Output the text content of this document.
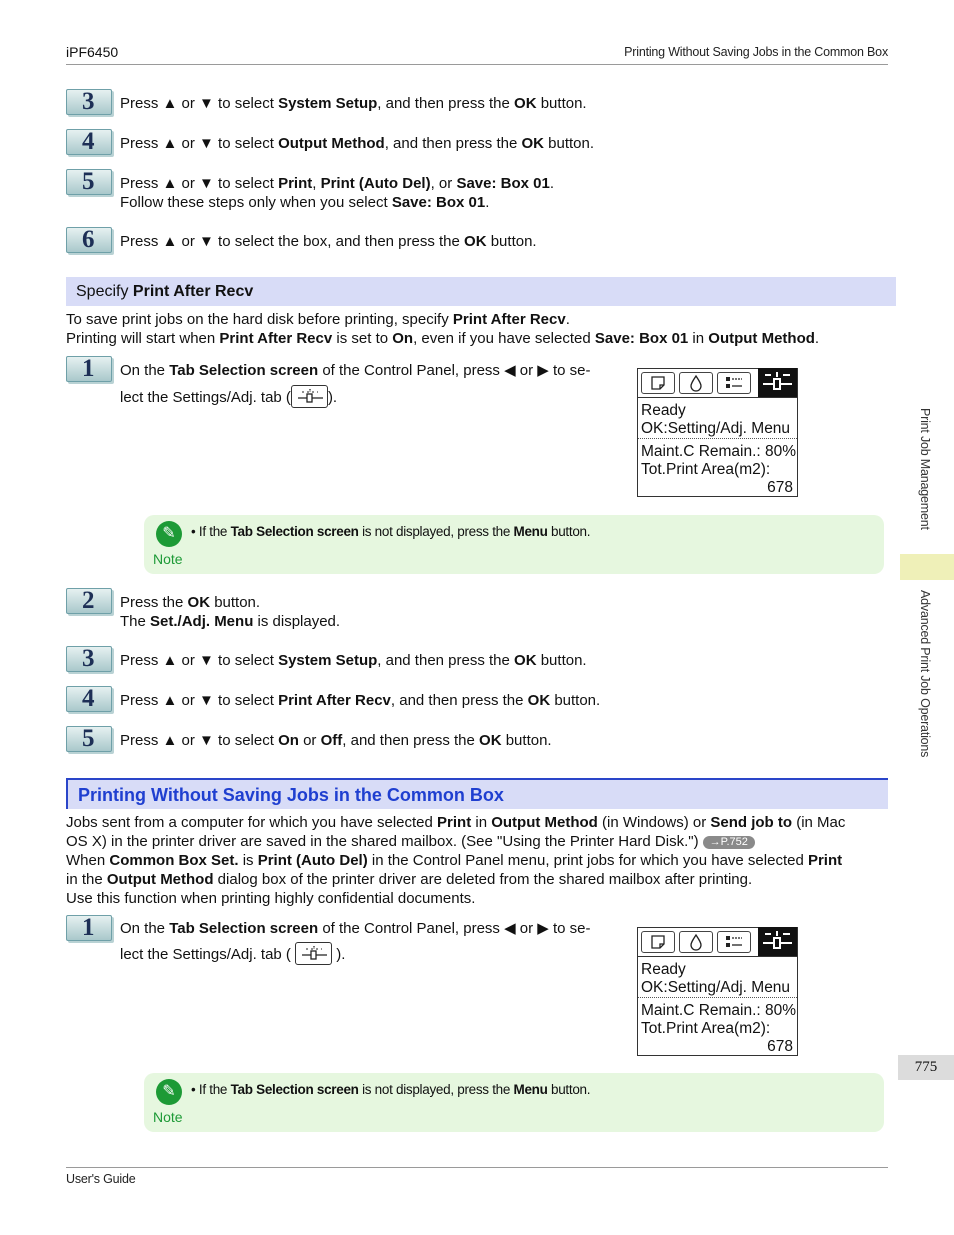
iPF6450	Printing Without Saving Jobs in the Common Box
3	Press ▲ or ▼ to select System Setup, and then press the OK button.
4	Press ▲ or ▼ to select Output Method, and then press the OK button.
5	Press ▲ or ▼ to select Print, Print (Auto Del), or Save: Box 01.
Follow these steps only when you select Save: Box 01.
6	Press ▲ or ▼ to select the box, and then press the OK button.
Specify Print After Recv
To save print jobs on the hard disk before printing, specify Print After Recv.
Printing will start when Print After Recv is set to On, even if you have selected Save: Box 01 in Output Method.
1	On the Tab Selection screen of the Control Panel, press ◀ or ▶ to se-
lect the Settings/Adj. tab ( ).
Ready
OK:Setting/Adj. Menu
Maint.C Remain.: 80%
Tot.Print Area(m2):
678
✎
Note
• If the Tab Selection screen is not displayed, press the Menu button.
2	Press the OK button.
The Set./Adj. Menu is displayed.
3	Press ▲ or ▼ to select System Setup, and then press the OK button.
4	Press ▲ or ▼ to select Print After Recv, and then press the OK button.
5	Press ▲ or ▼ to select On or Off, and then press the OK button.
Printing Without Saving Jobs in the Common Box
Jobs sent from a computer for which you have selected Print in Output Method (in Windows) or Send job to (in Mac
OS X) in the printer driver are saved in the shared mailbox. (See "Using the Printer Hard Disk.") →P.752
When Common Box Set. is Print (Auto Del) in the Control Panel menu, print jobs for which you have selected Print
in the Output Method dialog box of the printer driver are deleted from the shared mailbox after printing.
Use this function when printing highly confidential documents.
1	On the Tab Selection screen of the Control Panel, press ◀ or ▶ to se-
lect the Settings/Adj. tab (  ).
Ready
OK:Setting/Adj. Menu
Maint.C Remain.: 80%
Tot.Print Area(m2):
678
✎
Note
• If the Tab Selection screen is not displayed, press the Menu button.
Print Job Management
Advanced Print Job Operations
775
User's Guide
